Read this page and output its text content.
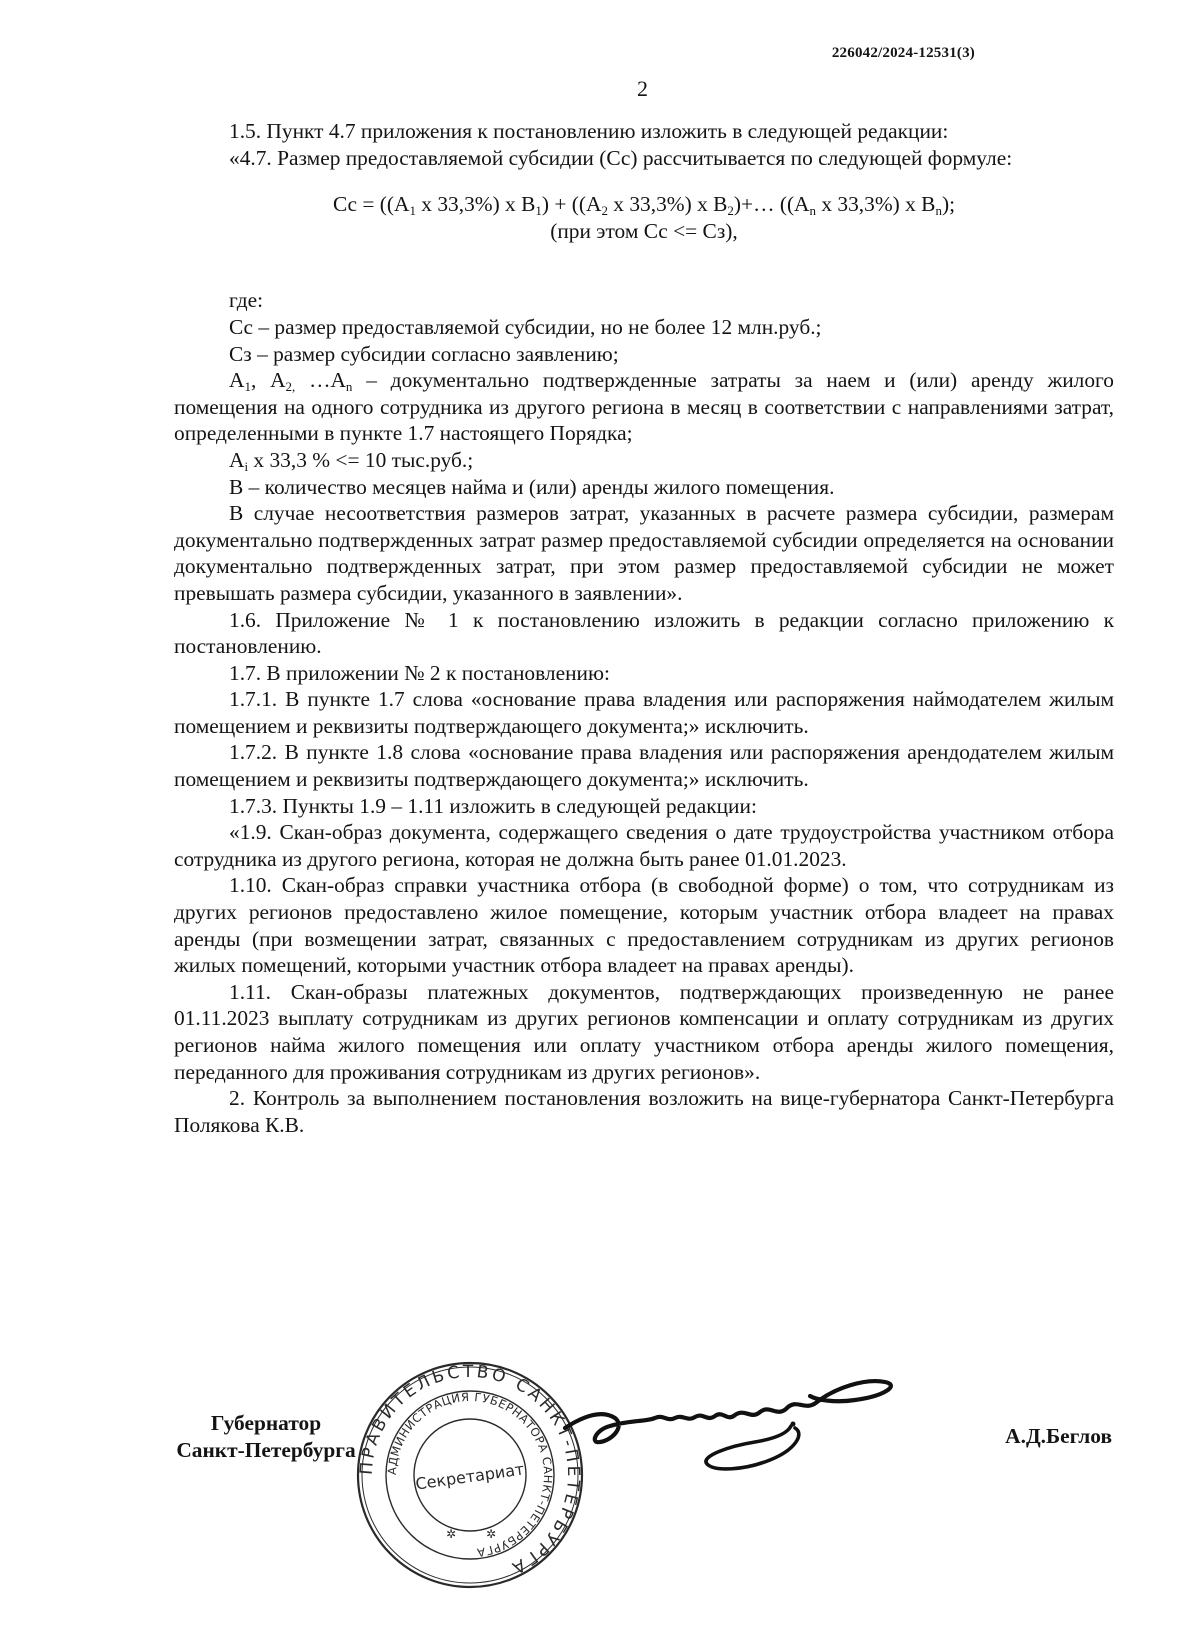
226042/2024-12531(3)
2

1.5. Пункт 4.7 приложения к постановлению изложить в следующей редакции:

«4.7. Размер предоставляемой субсидии (Сс) рассчитывается по следующей формуле:

Сс = (($А_1$ х 33,3%) х $В_1) + ((А_2$ х 33,3%) х $В_2)+\dots$ (($А_n$ х 33,3%) х $В_n$);
(при этом Сс <= Сз),

где:

Сс – размер предоставляемой субсидии, но не более 12 млн.руб.;

Сз – размер субсидии согласно заявлению;

$А_1$, $А_{2,}$ $\dots А_n$ – документально подтвержденные затраты за наем и (или) аренду жилого помещения на одного сотрудника из другого региона в месяц в соответствии с направлениями затрат, определенными в пункте 1.7 настоящего Порядка;

$А_i$ х 33,3 % <= 10 тыс.руб.;

В – количество месяцев найма и (или) аренды жилого помещения.

В случае несоответствия размеров затрат, указанных в расчете размера субсидии, размерам документально подтвержденных затрат размер предоставляемой субсидии определяется на основании документально подтвержденных затрат, при этом размер предоставляемой субсидии не может превышать размера субсидии, указанного в заявлении».

1.6. Приложение № 1 к постановлению изложить в редакции согласно приложению к постановлению.

1.7. В приложении № 2 к постановлению:

1.7.1. В пункте 1.7 слова «основание права владения или распоряжения наймодателем жилым помещением и реквизиты подтверждающего документа;» исключить.

1.7.2. В пункте 1.8 слова «основание права владения или распоряжения арендодателем жилым помещением и реквизиты подтверждающего документа;» исключить.

1.7.3. Пункты 1.9 – 1.11 изложить в следующей редакции:

«1.9. Скан-образ документа, содержащего сведения о дате трудоустройства участником отбора сотрудника из другого региона, которая не должна быть ранее 01.01.2023.

1.10. Скан-образ справки участника отбора (в свободной форме) о том, что сотрудникам из других регионов предоставлено жилое помещение, которым участник отбора владеет на правах аренды (при возмещении затрат, связанных с предоставлением сотрудникам из других регионов жилых помещений, которыми участник отбора владеет на правах аренды).

1.11. Скан-образы платежных документов, подтверждающих произведенную не ранее 01.11.2023 выплату сотрудникам из других регионов компенсации и оплату сотрудникам из других регионов найма жилого помещения или оплату участником отбора аренды жилого помещения, переданного для проживания сотрудникам из других регионов».

2. Контроль за выполнением постановления возложить на вице-губернатора Санкт-Петербурга Полякова К.В.

Губернатор
Санкт-Петербурга
ПРАВИТЕЛЬСТВО САНКТ-ПЕТЕРБУРГА
АДМИНИСТРАЦИЯ ГУБЕРНАТОРА САНКТ-ПЕТЕРБУРГА
Секретариат
✲ ✲
А.Д.Беглов
